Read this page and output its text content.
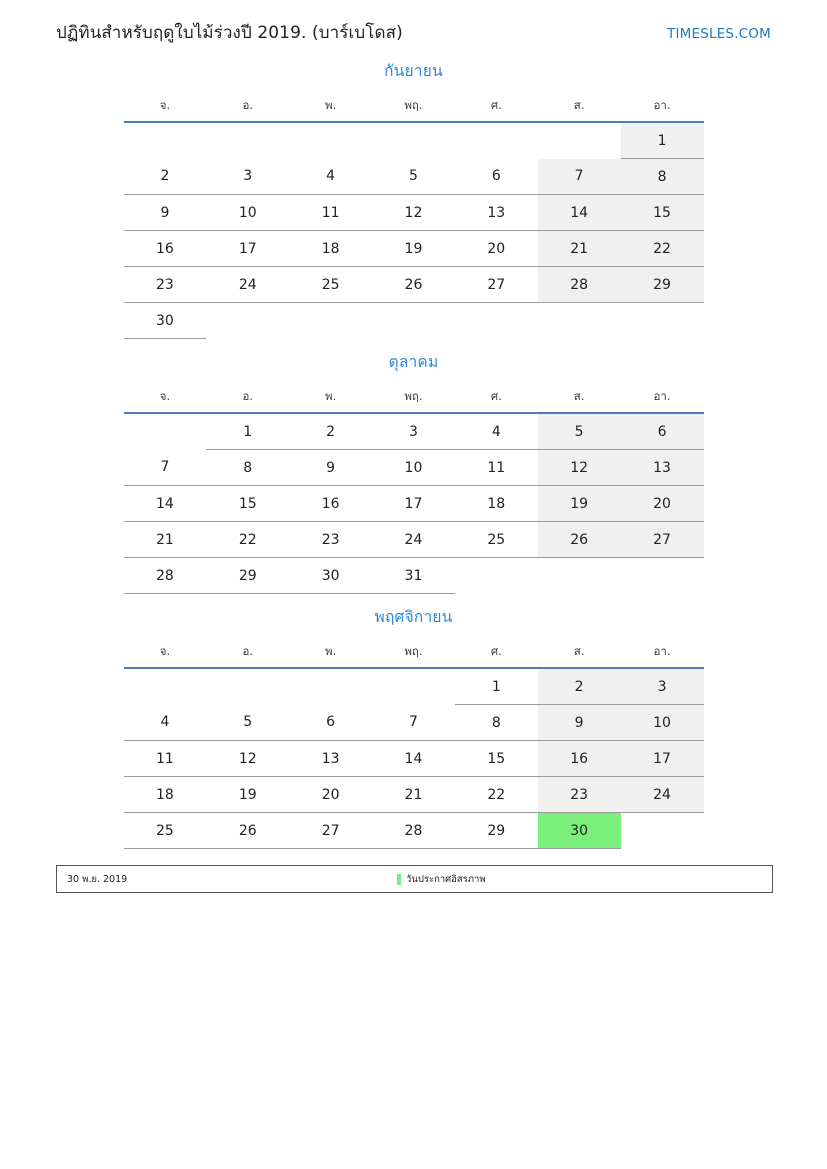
ปฏิทินสำหรับฤดูใบไม้ร่วงปี 2019. (บาร์เบโดส)	TIMESLES.COM
กันยายน
จ.	อ.	พ.	พฤ.	ศ.	ส.	อา.
						1
2	3	4	5	6	7	8
9	10	11	12	13	14	15
16	17	18	19	20	21	22
23	24	25	26	27	28	29
30						
ตุลาคม
จ.	อ.	พ.	พฤ.	ศ.	ส.	อา.
	1	2	3	4	5	6
7	8	9	10	11	12	13
14	15	16	17	18	19	20
21	22	23	24	25	26	27
28	29	30	31			
พฤศจิกายน
จ.	อ.	พ.	พฤ.	ศ.	ส.	อา.
				1	2	3
4	5	6	7	8	9	10
11	12	13	14	15	16	17
18	19	20	21	22	23	24
25	26	27	28	29	30	
30 พ.ย. 2019	วันประกาศอิสรภาพ
